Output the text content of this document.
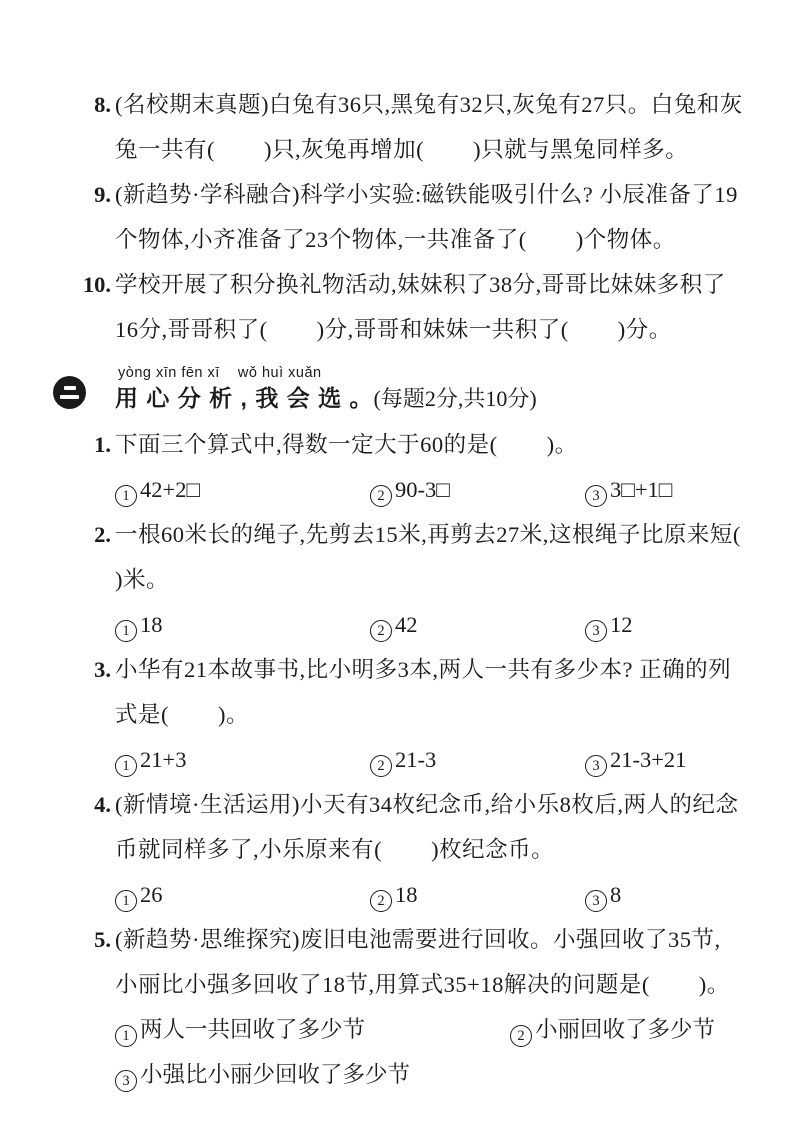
8. (名校期末真题)白兔有36只,黑兔有32只,灰兔有27只。白兔和灰兔一共有(        )只,灰兔再增加(        )只就与黑兔同样多。
9. (新趋势·学科融合)科学小实验:磁铁能吸引什么? 小辰准备了19个物体,小齐准备了23个物体,一共准备了(        )个物体。
10. 学校开展了积分换礼物活动,妹妹积了38分,哥哥比妹妹多积了16分,哥哥积了(        )分,哥哥和妹妹一共积了(        )分。
yòng xīn fēn xī    wǒ huì xuǎn
用 心 分 析 , 我 会 选 。 (每题2分,共10分)
1. 下面三个算式中,得数一定大于60的是(        )。
1 42+2□	2 90-3□	3 3□+1□
2. 一根60米长的绳子,先剪去15米,再剪去27米,这根绳子比原来短(        )米。
1 18	2 42	3 12
3. 小华有21本故事书,比小明多3本,两人一共有多少本? 正确的列式是(        )。
1 21+3	2 21-3	3 21-3+21
4. (新情境·生活运用)小天有34枚纪念币,给小乐8枚后,两人的纪念币就同样多了,小乐原来有(        )枚纪念币。
1 26	2 18	3 8
5. (新趋势·思维探究)废旧电池需要进行回收。小强回收了35节,小丽比小强多回收了18节,用算式35+18解决的问题是(        )。
1 两人一共回收了多少节	2 小丽回收了多少节
3 小强比小丽少回收了多少节
